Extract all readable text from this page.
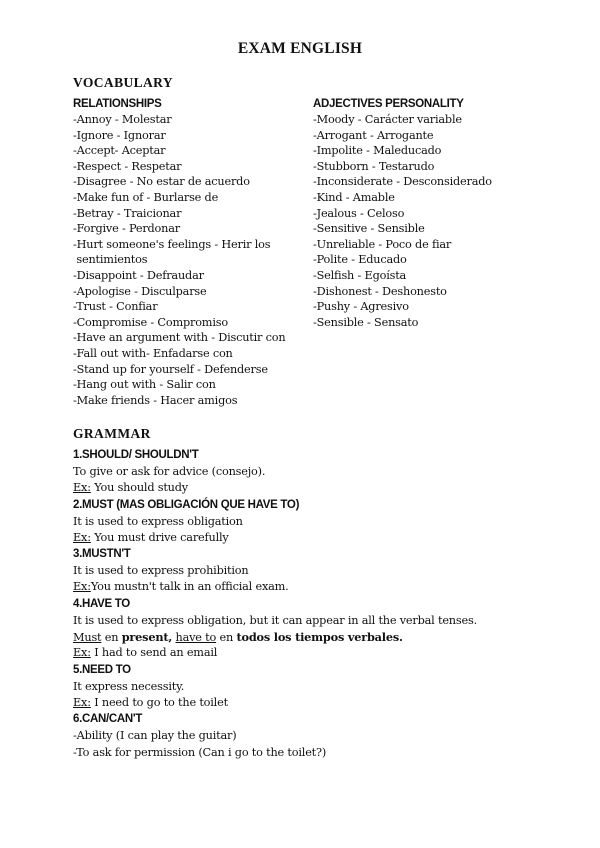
EXAM ENGLISH
VOCABULARY
RELATIONSHIPS
-Annoy - Molestar
-Ignore - Ignorar
-Accept- Aceptar
-Respect - Respetar
-Disagree - No estar de acuerdo
-Make fun of - Burlarse de
-Betray - Traicionar
-Forgive - Perdonar
-Hurt someone's feelings - Herir los
sentimientos
-Disappoint - Defraudar
-Apologise - Disculparse
-Trust - Confiar
-Compromise - Compromiso
-Have an argument with - Discutir con
-Fall out with- Enfadarse con
-Stand up for yourself - Defenderse
-Hang out with - Salir con
-Make friends - Hacer amigos
ADJECTIVES PERSONALITY
-Moody - Carácter variable
-Arrogant - Arrogante
-Impolite - Maleducado
-Stubborn - Testarudo
-Inconsiderate - Desconsiderado
-Kind - Amable
-Jealous - Celoso
-Sensitive - Sensible
-Unreliable - Poco de fiar
-Polite - Educado
-Selfish - Egoísta
-Dishonest - Deshonesto
-Pushy - Agresivo
-Sensible - Sensato
GRAMMAR
1.SHOULD/ SHOULDN'T
To give or ask for advice (consejo).
Ex: You should study
2.MUST (MAS OBLIGACIÓN QUE HAVE TO)
It is used to express obligation
Ex: You must drive carefully
3.MUSTN'T
It is used to express prohibition
Ex:You mustn't talk in an official exam.
4.HAVE TO
It is used to express obligation, but it can appear in all the verbal tenses.
Must en present, have to en todos los tiempos verbales.
Ex: I had to send an email
5.NEED TO
It express necessity.
Ex: I need to go to the toilet
6.CAN/CAN'T
-Ability (I can play the guitar)
-To ask for permission (Can i go to the toilet?)
